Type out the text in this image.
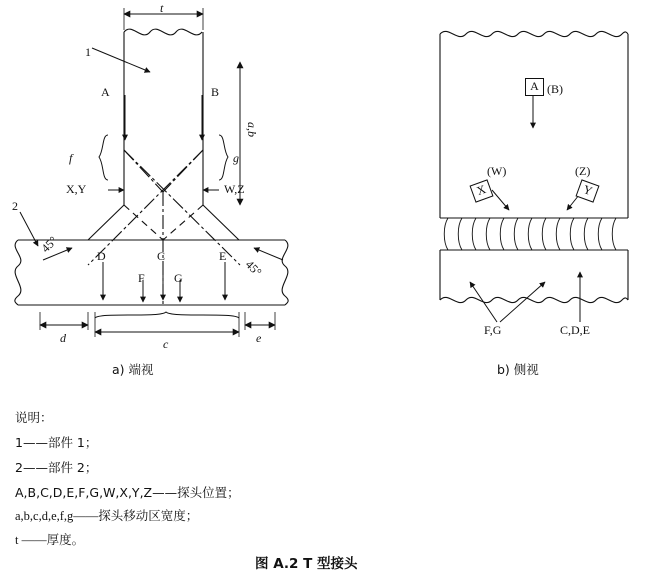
t
1
2
A	B
X,Y	W,Z
a,b
f	g
D	C	E
F G
45°
45°
d	c	e
A (B)
(W)
X
(Z)
Y
F,G	C,D,E
a) 端视	b) 侧视
说明：
1——部件 1；
2——部件 2；
A,B,C,D,E,F,G,W,X,Y,Z——探头位置；
a,b,c,d,e,f,g——探头移动区宽度；
t ——厚度。
图 A.2 T 型接头
